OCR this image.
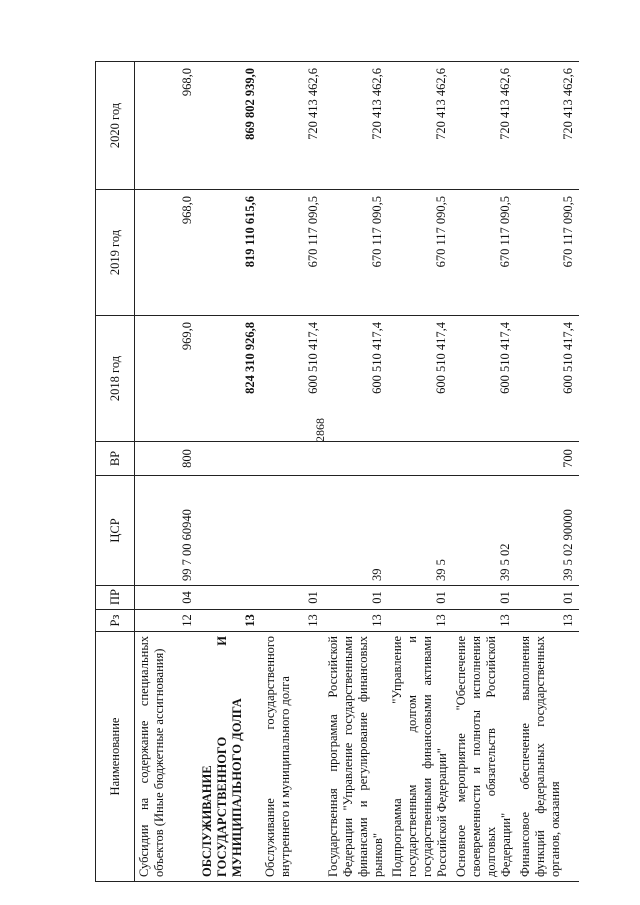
2868
Наименование	Рз	ПР	ЦСР	ВР	2018 год	2019 год	2020 год
Субсидии на содержание специальных объектов (Иные бюджетные ассигнования)	12	04	99 7 00 60940	800	969,0	968,0	968,0
ОБСЛУЖИВАНИЕ ГОСУДАРСТВЕННОГО И МУНИЦИПАЛЬНОГО ДОЛГА	13				824 310 926,8	819 110 615,6	869 802 939,0
Обслуживание государственного внутреннего и муниципального долга	13	01			600 510 417,4	670 117 090,5	720 413 462,6
Государственная программа Российской Федерации "Управление государственными финансами и регулирование финансовых рынков"	13	01	39		600 510 417,4	670 117 090,5	720 413 462,6
Подпрограмма "Управление государственным долгом и государственными финансовыми активами Российской Федерации"	13	01	39 5		600 510 417,4	670 117 090,5	720 413 462,6
Основное мероприятие "Обеспечение своевременности и полноты исполнения долговых обязательств Российской Федерации"	13	01	39 5 02		600 510 417,4	670 117 090,5	720 413 462,6
Финансовое обеспечение выполнения функций федеральных государственных органов, оказания	13	01	39 5 02 90000	700	600 510 417,4	670 117 090,5	720 413 462,6
